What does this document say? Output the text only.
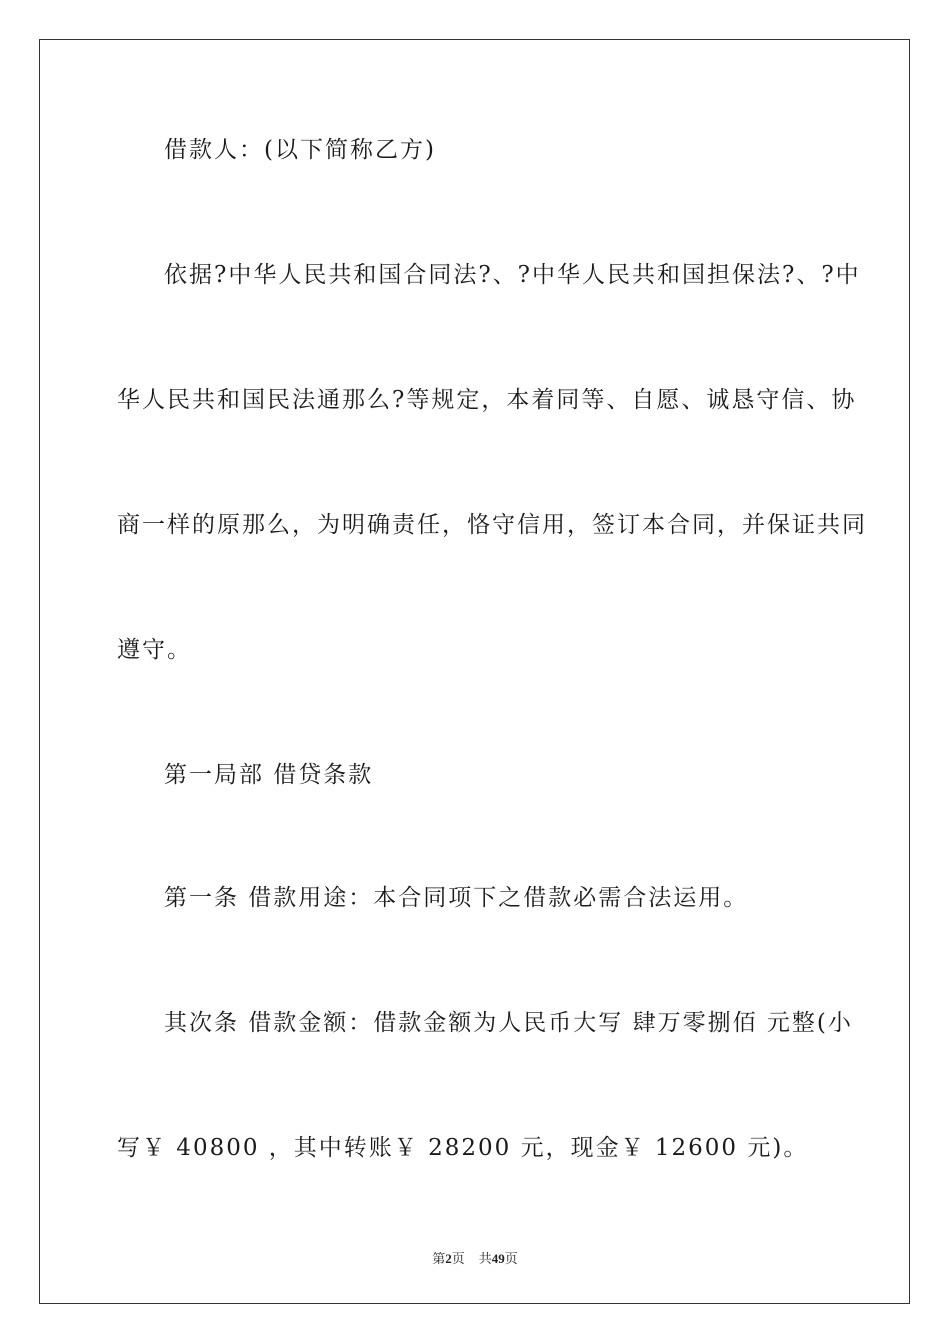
借款人：(以下简称乙方)

依据?中华人民共和国合同法?、?中华人民共和国担保法?、?中

华人民共和国民法通那么?等规定，本着同等、自愿、诚恳守信、协

商一样的原那么，为明确责任，恪守信用，签订本合同，并保证共同

遵守。

第一局部 借贷条款

第一条 借款用途：本合同项下之借款必需合法运用。

其次条 借款金额：借款金额为人民币大写 肆万零捌佰 元整(小

写￥ 40800 ，其中转账￥ 28200 元，现金￥ 12600 元)。

第2页 共49页
